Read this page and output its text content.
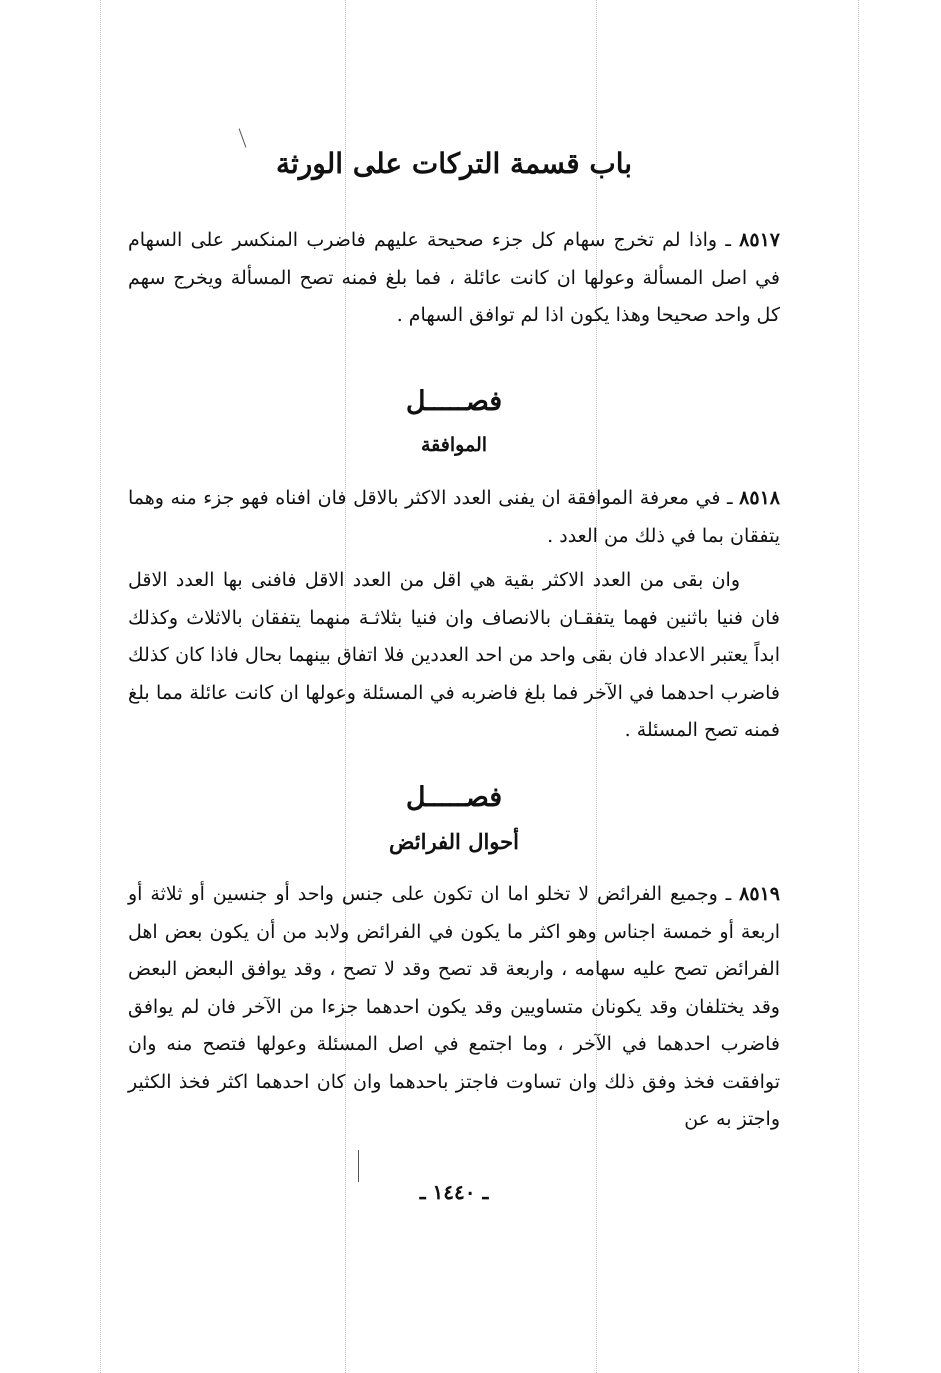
باب قسمة التركات على الورثة

٨٥١٧ ـ واذا لم تخرج سهام كل جزء صحيحة عليهم فاضرب المنكسر على السهام في اصل المسألة وعولها ان كانت عائلة ، فما بلغ فمنه تصح المسألة ويخرج سهم كل واحد صحيحا وهذا يكون اذا لم توافق السهام .

فصـــــل
الموافقة

٨٥١٨ ـ في معرفة الموافقة ان يفنى العدد الاكثر بالاقل فان افناه فهو جزء منه وهما يتفقان بما في ذلك من العدد .

وان بقى من العدد الاكثر بقية هي اقل من العدد الاقل فافنى بها العدد الاقل فان فنيا باثنين فهما يتفقـان بالانصاف وان فنيا بثلاثـة منهما يتفقان بالاثلاث وكذلك ابداً يعتبر الاعداد فان بقى واحد من احد العددين فلا اتفاق بينهما بحال فاذا كان كذلك فاضرب احدهما في الآخر فما بلغ فاضربه في المسئلة وعولها ان كانت عائلة مما بلغ فمنه تصح المسئلة .

فصـــــل
أحوال الفرائض

٨٥١٩ ـ وجميع الفرائض لا تخلو اما ان تكون على جنس واحد أو جنسين أو ثلاثة أو اربعة أو خمسة اجناس وهو اكثر ما يكون في الفرائض ولابد من أن يكون بعض اهل الفرائض تصح عليه سهامه ، واربعة قد تصح وقد لا تصح ، وقد يوافق البعض البعض وقد يختلفان وقد يكونان متساويين وقد يكون احدهما جزءا من الآخر فان لم يوافق فاضرب احدهما في الآخر ، وما اجتمع في اصل المسئلة وعولها فتصح منه وان توافقت فخذ وفق ذلك وان تساوت فاجتز باحدهما وان كان احدهما اكثر فخذ الكثير واجتز به عن

ـ ١٤٤٠ ـ
